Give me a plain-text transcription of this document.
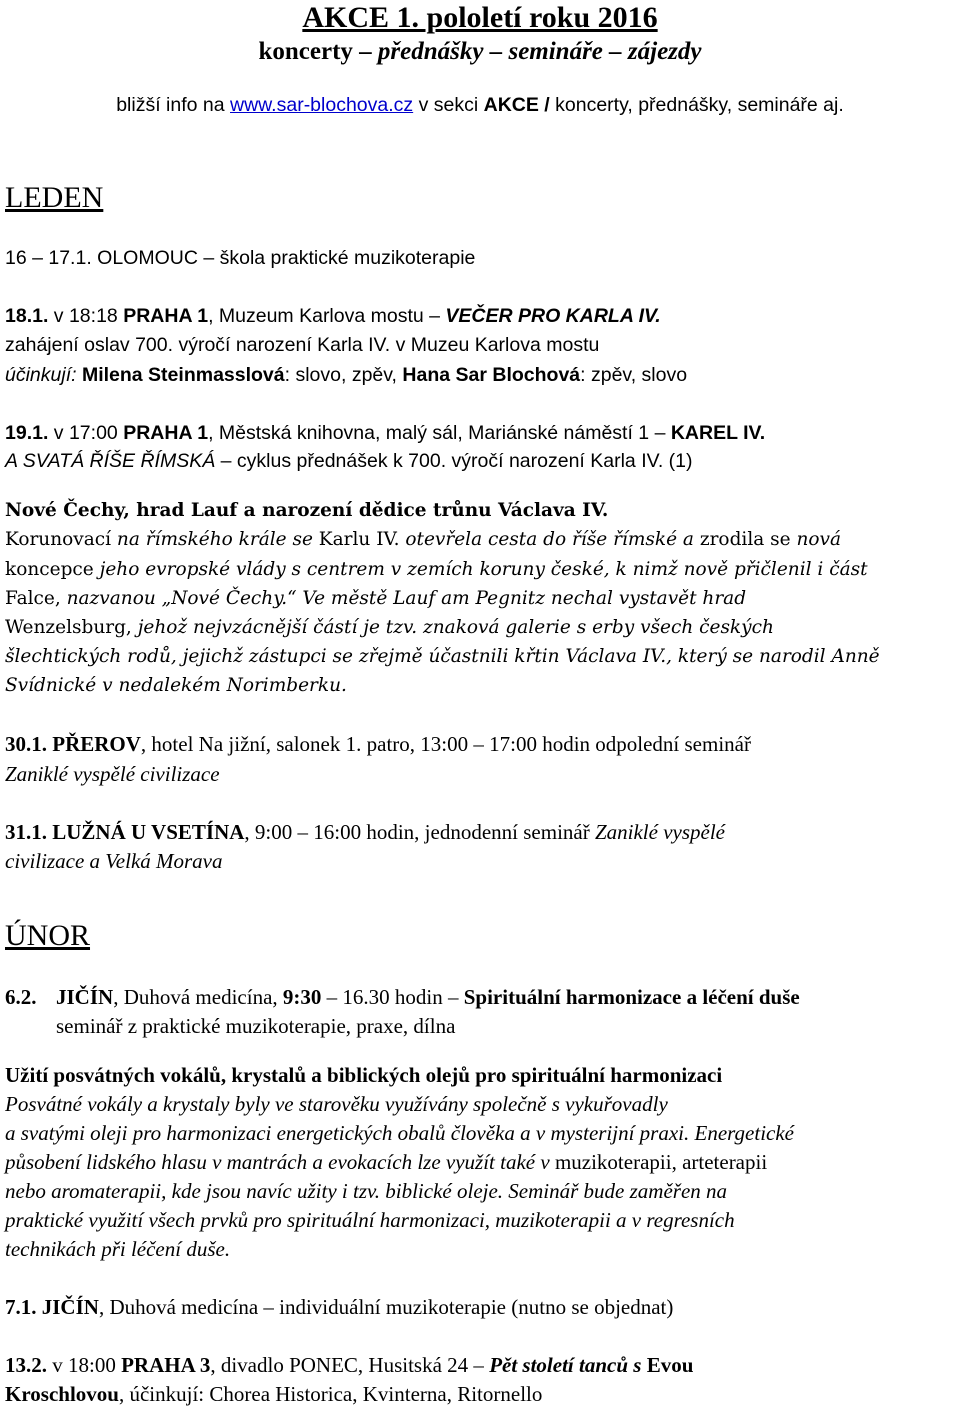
AKCE 1. pololetí roku 2016
koncerty – přednášky – semináře – zájezdy
bližší info na www.sar-blochova.cz v sekci AKCE / koncerty, přednášky, semináře aj.
LEDEN
16 – 17.1. OLOMOUC – škola praktické muzikoterapie
18.1. v 18:18 PRAHA 1, Muzeum Karlova mostu – VEČER PRO KARLA IV.
zahájení oslav 700. výročí narození Karla IV. v Muzeu Karlova mostu
účinkují: Milena Steinmasslová: slovo, zpěv, Hana Sar Blochová: zpěv, slovo
19.1. v 17:00 PRAHA 1, Městská knihovna, malý sál, Mariánské náměstí 1 – KAREL IV.
A SVATÁ ŘÍŠE ŘÍMSKÁ – cyklus přednášek k 700. výročí narození Karla IV. (1)
Nové Čechy, hrad Lauf a narození dědice trůnu Václava IV.
Korunovací na římského krále se Karlu IV. otevřela cesta do říše římské a zrodila se nová
koncepce jeho evropské vlády s centrem v zemích koruny české, k nimž nově přičlenil i část
Falce, nazvanou „Nové Čechy.“ Ve městě Lauf am Pegnitz nechal vystavět hrad
Wenzelsburg, jehož nejvzácnější částí je tzv. znaková galerie s erby všech českých
šlechtických rodů, jejichž zástupci se zřejmě účastnili křtin Václava IV., který se narodil Anně
Svídnické v nedalekém Norimberku.
30.1. PŘEROV, hotel Na jižní, salonek 1. patro, 13:00 – 17:00 hodin odpolední seminář
Zaniklé vyspělé civilizace
31.1. LUŽNÁ U VSETÍNA, 9:00 – 16:00 hodin, jednodenní seminář Zaniklé vyspělé
civilizace a Velká Morava
ÚNOR
6.2. JIČÍN, Duhová medicína, 9:30 – 16.30 hodin – Spirituální harmonizace a léčení duše
seminář z praktické muzikoterapie, praxe, dílna
Užití posvátných vokálů, krystalů a biblických olejů pro spirituální harmonizaci
Posvátné vokály a krystaly byly ve starověku využívány společně s vykuřovadly
a svatými oleji pro harmonizaci energetických obalů člověka a v mysterijní praxi. Energetické
působení lidského hlasu v mantrách a evokacích lze využít také v muzikoterapii, arteterapii
nebo aromaterapii, kde jsou navíc užity i tzv. biblické oleje. Seminář bude zaměřen na
praktické využití všech prvků pro spirituální harmonizaci, muzikoterapii a v regresních
technikách při léčení duše.
7.1. JIČÍN, Duhová medicína – individuální muzikoterapie (nutno se objednat)
13.2. v 18:00 PRAHA 3, divadlo PONEC, Husitská 24 – Pět století tanců s Evou
Kroschlovou, účinkují: Chorea Historica, Kvinterna, Ritornello
